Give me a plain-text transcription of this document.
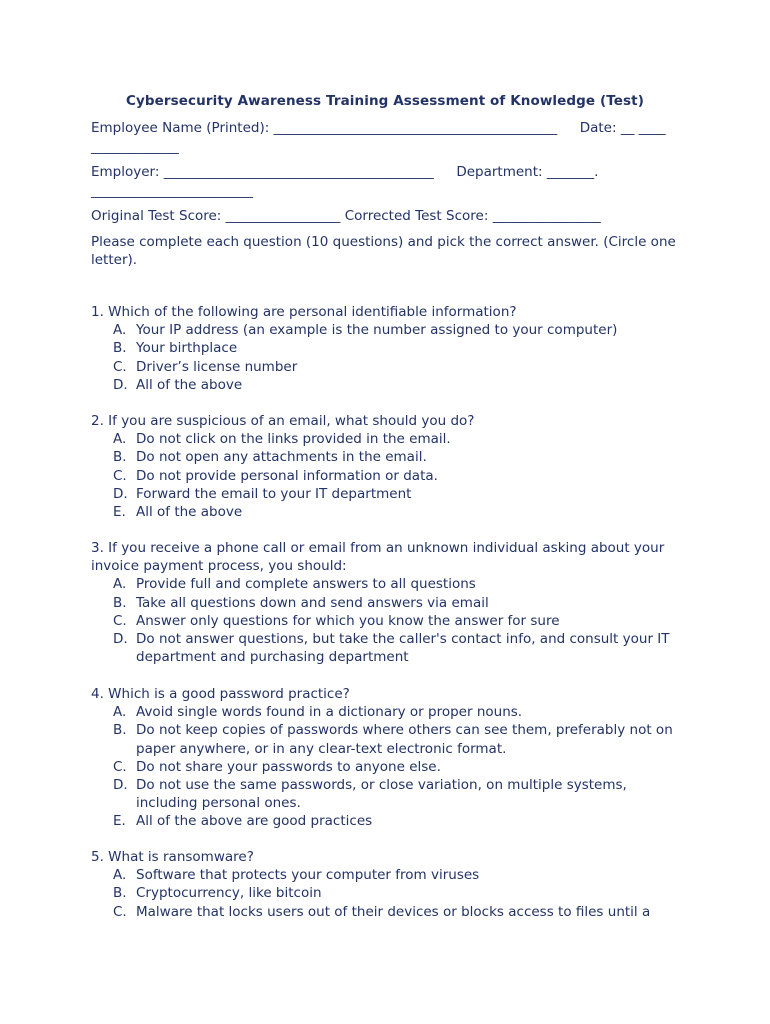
Cybersecurity Awareness Training Assessment of Knowledge (Test)
Employee Name (Printed): __________________________________________ Date: __ ____
_____________
Employer: ________________________________________ Department: _______.
________________________
Original Test Score: _________________ Corrected Test Score: ________________
Please complete each question (10 questions) and pick the correct answer. (Circle one letter).

1. Which of the following are personal identifiable information?

A. Your IP address (an example is the number assigned to your computer)
B. Your birthplace
C. Driver’s license number
D. All of the above

2. If you are suspicious of an email, what should you do?

A. Do not click on the links provided in the email.
B. Do not open any attachments in the email.
C. Do not provide personal information or data.
D. Forward the email to your IT department
E. All of the above

3. If you receive a phone call or email from an unknown individual asking about your invoice payment process, you should:

A. Provide full and complete answers to all questions
B. Take all questions down and send answers via email
C. Answer only questions for which you know the answer for sure
D. Do not answer questions, but take the caller's contact info, and consult your IT department and purchasing department

4. Which is a good password practice?

A. Avoid single words found in a dictionary or proper nouns.
B. Do not keep copies of passwords where others can see them, preferably not on paper anywhere, or in any clear-text electronic format.
C. Do not share your passwords to anyone else.
D. Do not use the same passwords, or close variation, on multiple systems, including personal ones.
E. All of the above are good practices

5. What is ransomware?

A. Software that protects your computer from viruses
B. Cryptocurrency, like bitcoin
C. Malware that locks users out of their devices or blocks access to files until a
